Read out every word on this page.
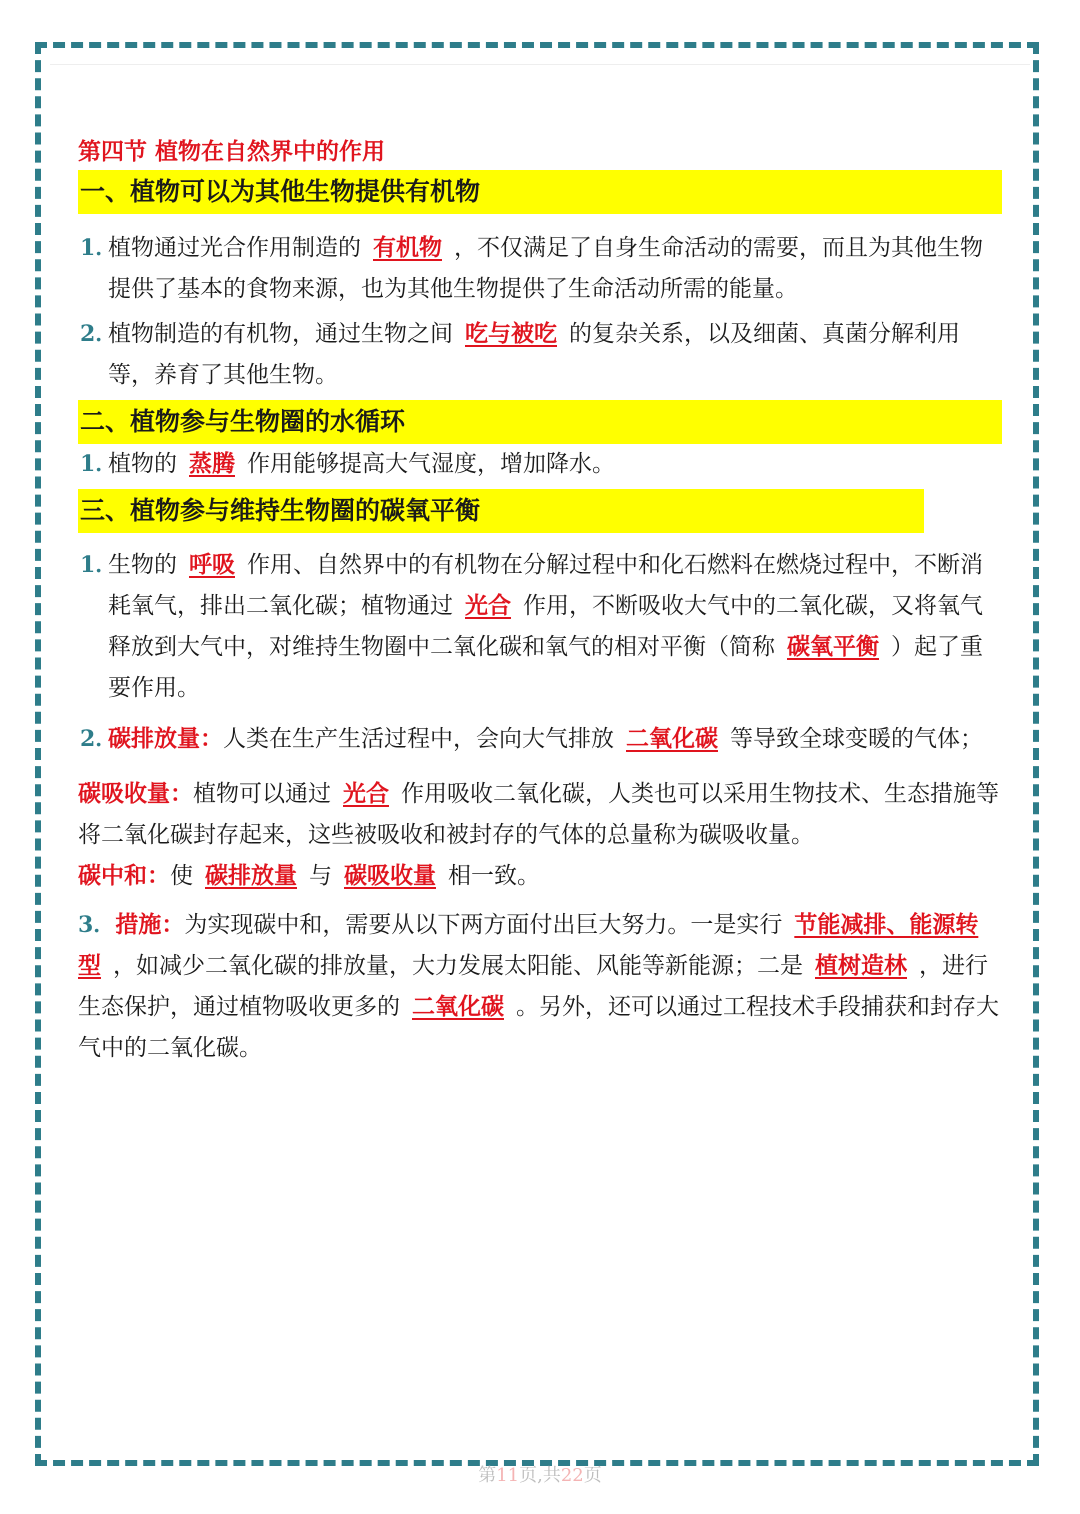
第四节 植物在自然界中的作用

一、植物可以为其他生物提供有机物

1．
植物通过光合作用制造的 有机物 ，不仅满足了自身生命活动的需要，而且为其他生物提供了基本的食物来源，也为其他生物提供了生命活动所需的能量。

2．
植物制造的有机物，通过生物之间 吃与被吃 的复杂关系，以及细菌、真菌分解利用等，养育了其他生物。

二、植物参与生物圈的水循环

1．
植物的 蒸腾 作用能够提高大气湿度，增加降水。

三、植物参与维持生物圈的碳氧平衡

1．
生物的 呼吸 作用、自然界中的有机物在分解过程中和化石燃料在燃烧过程中，不断消耗氧气，排出二氧化碳；植物通过 光合 作用，不断吸收大气中的二氧化碳，又将氧气释放到大气中，对维持生物圈中二氧化碳和氧气的相对平衡（简称 碳氧平衡 ）起了重要作用。

2．
碳排放量：人类在生产生活过程中，会向大气排放 二氧化碳 等导致全球变暖的气体；

碳吸收量：植物可以通过 光合 作用吸收二氧化碳，人类也可以采用生物技术、生态措施等将二氧化碳封存起来，这些被吸收和被封存的气体的总量称为碳吸收量。

碳中和：使 碳排放量 与 碳吸收量 相一致。

3．措施：为实现碳中和，需要从以下两方面付出巨大努力。一是实行 节能减排、能源转型 ，如减少二氧化碳的排放量，大力发展太阳能、风能等新能源；二是 植树造林 ，进行生态保护，通过植物吸收更多的 二氧化碳 。另外，还可以通过工程技术手段捕获和封存大气中的二氧化碳。

第11页,共22页
